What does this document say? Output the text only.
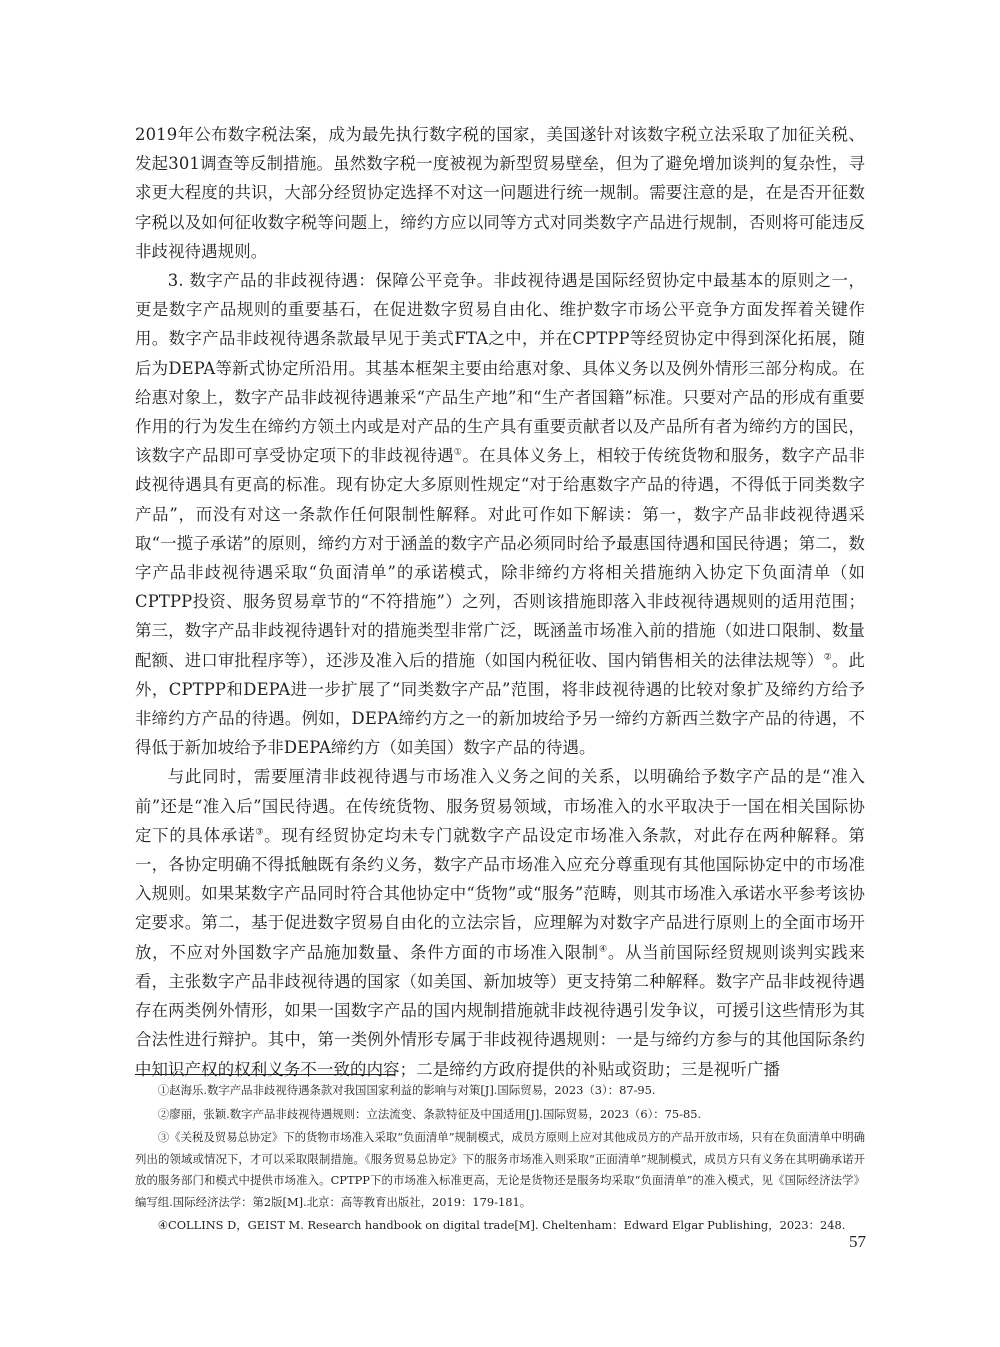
2019年公布数字税法案，成为最先执行数字税的国家，美国遂针对该数字税立法采取了加征关税、发起301调查等反制措施。虽然数字税一度被视为新型贸易壁垒，但为了避免增加谈判的复杂性，寻求更大程度的共识，大部分经贸协定选择不对这一问题进行统一规制。需要注意的是，在是否开征数字税以及如何征收数字税等问题上，缔约方应以同等方式对同类数字产品进行规制，否则将可能违反非歧视待遇规则。

3. 数字产品的非歧视待遇：保障公平竞争。非歧视待遇是国际经贸协定中最基本的原则之一，更是数字产品规则的重要基石，在促进数字贸易自由化、维护数字市场公平竞争方面发挥着关键作用。数字产品非歧视待遇条款最早见于美式FTA之中，并在CPTPP等经贸协定中得到深化拓展，随后为DEPA等新式协定所沿用。其基本框架主要由给惠对象、具体义务以及例外情形三部分构成。在给惠对象上，数字产品非歧视待遇兼采“产品生产地”和“生产者国籍”标准。只要对产品的形成有重要作用的行为发生在缔约方领土内或是对产品的生产具有重要贡献者以及产品所有者为缔约方的国民，该数字产品即可享受协定项下的非歧视待遇①。在具体义务上，相较于传统货物和服务，数字产品非歧视待遇具有更高的标准。现有协定大多原则性规定“对于给惠数字产品的待遇，不得低于同类数字产品”，而没有对这一条款作任何限制性解释。对此可作如下解读：第一，数字产品非歧视待遇采取“一揽子承诺”的原则，缔约方对于涵盖的数字产品必须同时给予最惠国待遇和国民待遇；第二，数字产品非歧视待遇采取“负面清单”的承诺模式，除非缔约方将相关措施纳入协定下负面清单（如CPTPP投资、服务贸易章节的“不符措施”）之列，否则该措施即落入非歧视待遇规则的适用范围；第三，数字产品非歧视待遇针对的措施类型非常广泛，既涵盖市场准入前的措施（如进口限制、数量配额、进口审批程序等），还涉及准入后的措施（如国内税征收、国内销售相关的法律法规等）②。此外，CPTPP和DEPA进一步扩展了“同类数字产品”范围，将非歧视待遇的比较对象扩及缔约方给予非缔约方产品的待遇。例如，DEPA缔约方之一的新加坡给予另一缔约方新西兰数字产品的待遇，不得低于新加坡给予非DEPA缔约方（如美国）数字产品的待遇。

与此同时，需要厘清非歧视待遇与市场准入义务之间的关系，以明确给予数字产品的是“准入前”还是“准入后”国民待遇。在传统货物、服务贸易领域，市场准入的水平取决于一国在相关国际协定下的具体承诺③。现有经贸协定均未专门就数字产品设定市场准入条款，对此存在两种解释。第一，各协定明确不得抵触既有条约义务，数字产品市场准入应充分尊重现有其他国际协定中的市场准入规则。如果某数字产品同时符合其他协定中“货物”或“服务”范畴，则其市场准入承诺水平参考该协定要求。第二，基于促进数字贸易自由化的立法宗旨，应理解为对数字产品进行原则上的全面市场开放，不应对外国数字产品施加数量、条件方面的市场准入限制④。从当前国际经贸规则谈判实践来看，主张数字产品非歧视待遇的国家（如美国、新加坡等）更支持第二种解释。数字产品非歧视待遇存在两类例外情形，如果一国数字产品的国内规制措施就非歧视待遇引发争议，可援引这些情形为其合法性进行辩护。其中，第一类例外情形专属于非歧视待遇规则：一是与缔约方参与的其他国际条约中知识产权的权利义务不一致的内容；二是缔约方政府提供的补贴或资助；三是视听广播

①赵海乐.数字产品非歧视待遇条款对我国国家利益的影响与对策[J].国际贸易，2023（3）：87-95.

②廖丽，张颖.数字产品非歧视待遇规则：立法流变、条款特征及中国适用[J].国际贸易，2023（6）：75-85.

③《关税及贸易总协定》下的货物市场准入采取“负面清单”规制模式，成员方原则上应对其他成员方的产品开放市场，只有在负面清单中明确列出的领域或情况下，才可以采取限制措施。《服务贸易总协定》下的服务市场准入则采取“正面清单”规制模式，成员方只有义务在其明确承诺开放的服务部门和模式中提供市场准入。CPTPP下的市场准入标准更高，无论是货物还是服务均采取“负面清单”的准入模式，见《国际经济法学》编写组.国际经济法学：第2版[M].北京：高等教育出版社，2019：179-181。

④COLLINS D，GEIST M. Research handbook on digital trade[M]. Cheltenham：Edward Elgar Publishing，2023：248.

57
